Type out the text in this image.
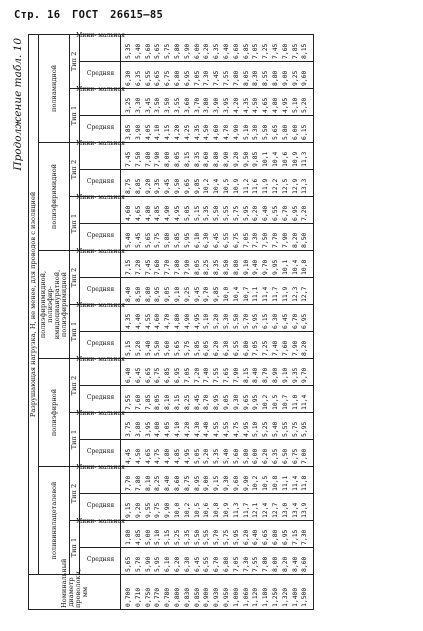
Стр. 16 ГОСТ 26615—85
Продолжение табл. 10
Номинальный диаметр проволоки, мм	Разрушающая нагрузка, Н, не менее, для проводов с изоляцией																			
	поливинилацеталевой				полиэфирной				полиэфиримидной, полиэфир-имидоциануратной, полиэфиримидной				полиэфиримидной				полиамидной			
	Тип 1		Тип 2		Тип 1		Тип 2		Тип 1		Тип 2		Тип 1		Тип 2		Тип 1		Тип 2	
	Средняя	Мини- мальная	Средняя	Мини- мальная	Средняя	Мини- мальная	Средняя	Мини- мальная	Средняя	Мини- мальная	Средняя	Мини- мальная	Средняя	Мини- мальная	Средняя	Мини- мальная	Средняя	Мини- мальная	Средняя	Мини- мальная
0,700	5,65	1,80	9,15	7,70	4,45	3,75	7,55	6,40	5,15	4,35	8,40	7,15	5,40	4,60	8,75	7,45	3,85	3,25	6,30	5,35
0,710	5,70	4,85	9,20	7,80	4,50	3,80	7,60	6,45	5,20	4,40	8,50	7,20	5,45	4,65	8,85	7,50	3,90	3,30	6,35	5,40
0,750	5,90	5,00	9,55	8,10	4,65	3,95	7,85	6,65	5,40	4,55	8,80	7,45	5,65	4,80	9,20	7,80	4,05	3,45	6,55	5,60
0,770	5,95	5,10	9,75	8,25	4,75	4,00	8,05	6,75	5,50	4,60	8,95	7,60	5,75	4,85	9,35	7,90	4,10	3,50	6,65	5,65
0,780	6,10	5,15	9,90	8,40	4,80	4,05	8,10	6,85	5,60	4,70	9,05	7,70	5,80	4,90	9,45	8,00	4,15	3,50	6,75	5,75
0,800	6,20	5,25	10,0	8,60	4,85	4,10	8,15	6,95	5,65	4,80	9,10	7,80	5,85	4,95	9,50	8,05	4,20	3,55	6,80	5,80
0,830	6,30	5,35	10,2	8,75	4,95	4,20	8,25	7,05	5,75	4,90	9,25	7,90	5,95	5,05	9,65	8,15	4,25	3,60	6,95	5,90
0,850	6,45	5,50	10,5	8,95	5,05	4,30	8,45	7,20	5,85	4,95	9,45	8,05	6,10	5,15	9,85	8,35	4,35	3,70	7,05	6,00
0,900	6,55	5,55	10,6	9,00	5,20	4,40	8,70	7,40	6,05	5,10	9,70	8,25	6,30	5,35	10,2	8,60	4,50	3,80	7,30	6,20
0,930	6,70	5,70	10,8	9,15	5,35	4,55	8,95	7,55	6,20	5,20	9,85	8,35	6,45	5,50	10,4	8,80	4,60	3,90	7,45	6,35
0,950	6,80	5,75	10,9	9,30	5,40	4,55	9,05	7,65	6,30	5,30	10,0	8,50	6,55	5,55	10,5	8,90	4,70	3,95	7,55	6,40
1,000	7,05	5,95	11,3	9,60	5,60	4,75	9,30	7,90	6,55	5,50	10,4	8,80	6,75	5,75	10,9	9,20	4,90	4,20	7,80	6,60
1,060	7,30	6,20	11,7	9,90	5,80	4,95	9,65	8,15	6,80	5,70	10,7	9,10	7,05	5,95	11,2	9,50	5,10	4,35	8,05	6,85
1,120	7,55	6,40	12,1	10,2	6,00	5,10	9,95	8,40	7,05	5,95	11,1	9,40	7,30	6,20	11,6	9,85	5,30	4,50	8,30	7,05
1,180	7,80	6,65	12,4	10,5	6,20	5,25	10,2	8,70	7,25	6,15	11,4	9,70	7,50	6,40	11,9	10,1	5,50	4,65	8,55	7,25
1,250	8,00	6,80	12,7	10,8	6,35	5,40	10,5	8,90	7,40	6,30	11,7	9,95	7,70	6,55	12,2	10,4	5,65	4,80	8,80	7,45
1,320	8,20	6,95	13,0	11,1	6,50	5,55	10,7	9,10	7,60	6,45	11,9	10,1	7,90	6,70	12,5	10,6	5,80	4,95	9,00	7,60
1,400	8,40	7,15	13,4	11,4	6,75	5,75	11,0	9,35	7,90	6,70	12,3	10,4	8,20	6,95	12,9	10,9	6,00	5,10	9,25	7,85
1,500	8,60	7,30	13,9	11,8	7,00	5,95	11,4	9,70	8,20	6,95	12,7	10,8	8,50	7,20	13,3	11,3	6,15	5,20	9,60	8,15
